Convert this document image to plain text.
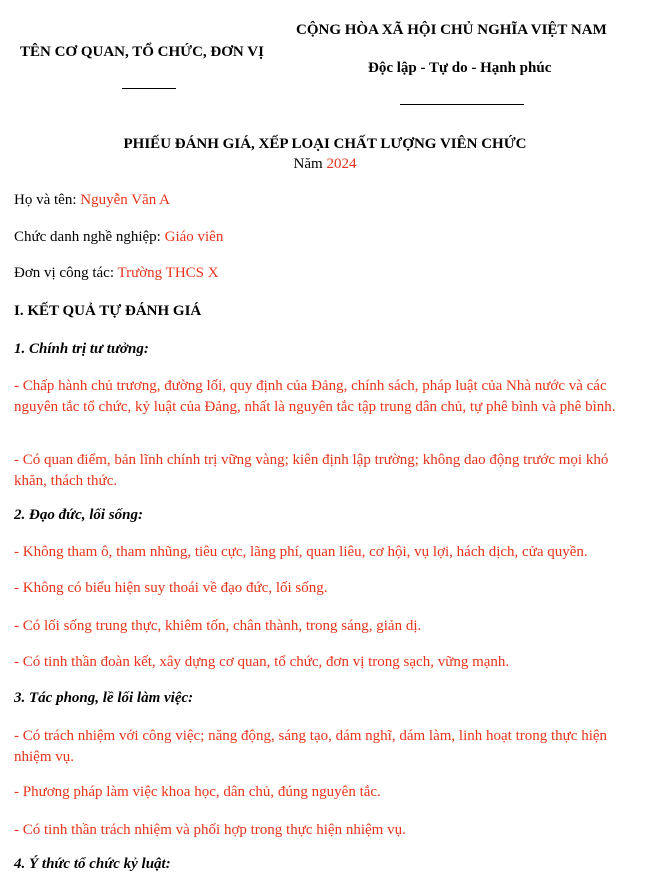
TÊN CƠ QUAN, TỔ CHỨC, ĐƠN VỊ
CỘNG HÒA XÃ HỘI CHỦ NGHĨA VIỆT NAM
Độc lập - Tự do - Hạnh phúc
PHIẾU ĐÁNH GIÁ, XẾP LOẠI CHẤT LƯỢNG VIÊN CHỨC
Năm 2024
Họ và tên: Nguyễn Văn A
Chức danh nghề nghiệp: Giáo viên
Đơn vị công tác: Trường THCS X
I. KẾT QUẢ TỰ ĐÁNH GIÁ
1. Chính trị tư tưởng:
- Chấp hành chủ trương, đường lối, quy định của Đảng, chính sách, pháp luật của Nhà nước và các nguyên tắc tổ chức, kỷ luật của Đảng, nhất là nguyên tắc tập trung dân chủ, tự phê bình và phê bình.
- Có quan điểm, bản lĩnh chính trị vững vàng; kiên định lập trường; không dao động trước mọi khó khăn, thách thức.
2. Đạo đức, lối sống:
- Không tham ô, tham nhũng, tiêu cực, lãng phí, quan liêu, cơ hội, vụ lợi, hách dịch, cửa quyền.
- Không có biểu hiện suy thoái về đạo đức, lối sống.
- Có lối sống trung thực, khiêm tốn, chân thành, trong sáng, giản dị.
- Có tinh thần đoàn kết, xây dựng cơ quan, tổ chức, đơn vị trong sạch, vững mạnh.
3. Tác phong, lề lối làm việc:
- Có trách nhiệm với công việc; năng động, sáng tạo, dám nghĩ, dám làm, linh hoạt trong thực hiện nhiệm vụ.
- Phương pháp làm việc khoa học, dân chủ, đúng nguyên tắc.
- Có tinh thần trách nhiệm và phối hợp trong thực hiện nhiệm vụ.
4. Ý thức tổ chức kỷ luật:
